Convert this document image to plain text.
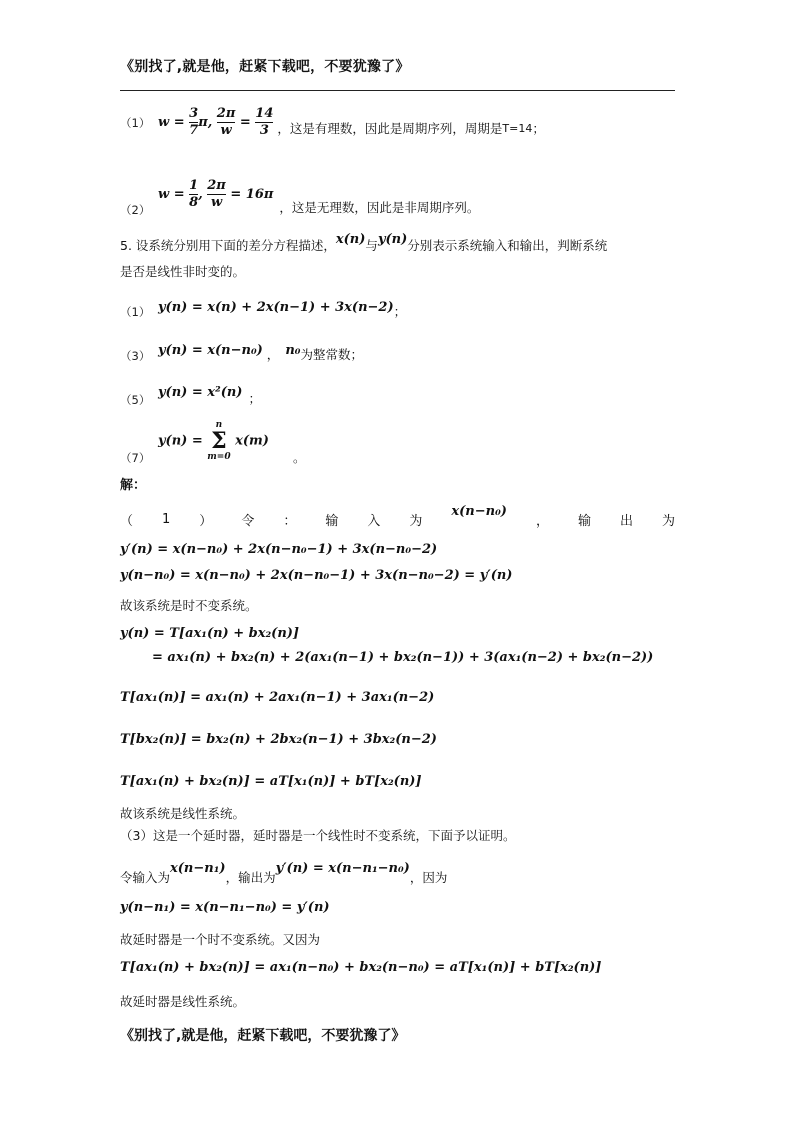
《别找了,就是他，赶紧下载吧，不要犹豫了》
（1） $w = \frac{3}{7} \pi$, $\frac{2\pi}{w} = \frac{14}{3}$ ，这是有理数，因此是周期序列，周期是 T=14 ；
（2）
$w = \frac{1}{8}$ , $\frac{2\pi}{w} = 16\pi$
，这是无理数，因此是非周期序列。
5. 设系统分别用下面的差分方程描述，x(n)与y(n)分别表示系统输入和输出，判断系统
是否是线性非时变的。
（1） y(n) = x(n) + 2x(n−1) + 3x(n−2) ；
（3） y(n) = x(n−n₀) ， n₀ 为整常数；
（5）
y(n) = x²(n) ；
（7）
y(n) =
n
Σ
m=0
x(m)
。
解：
（ 1 ） 令 ： 输 入 为
x(n−n₀)
， 输 出 为
y′(n) = x(n−n₀) + 2x(n−n₀−1) + 3x(n−n₀−2)
y(n−n₀) = x(n−n₀) + 2x(n−n₀−1) + 3x(n−n₀−2) = y′(n)
故该系统是时不变系统。
y(n) = T[ax₁(n) + bx₂(n)]
= ax₁(n) + bx₂(n) + 2(ax₁(n−1) + bx₂(n−1)) + 3(ax₁(n−2) + bx₂(n−2))
T[ax₁(n)] = ax₁(n) + 2ax₁(n−1) + 3ax₁(n−2)
T[bx₂(n)] = bx₂(n) + 2bx₂(n−1) + 3bx₂(n−2)
T[ax₁(n) + bx₂(n)] = aT[x₁(n)] + bT[x₂(n)]
故该系统是线性系统。
（3）这是一个延时器，延时器是一个线性时不变系统，下面予以证明。
令输入为
x(n−n₁)
，输出为
y′(n) = x(n−n₁−n₀)
，因为
y(n−n₁) = x(n−n₁−n₀) = y′(n)
故延时器是一个时不变系统。又因为
T[ax₁(n) + bx₂(n)] = ax₁(n−n₀) + bx₂(n−n₀) = aT[x₁(n)] + bT[x₂(n)]
故延时器是线性系统。
《别找了,就是他，赶紧下载吧，不要犹豫了》
